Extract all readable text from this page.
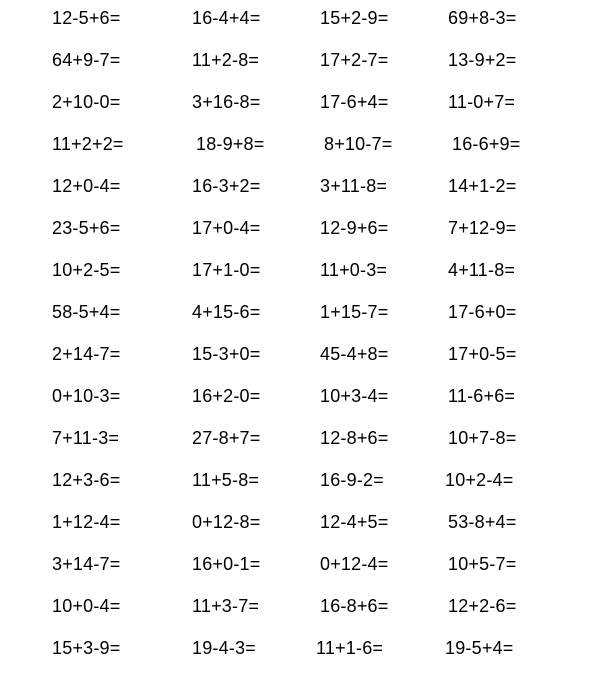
12-5+6=	16-4+4=	15+2-9=	69+8-3=
64+9-7=	11+2-8=	17+2-7=	13-9+2=
2+10-0=	3+16-8=	17-6+4=	11-0+7=
11+2+2=	18-9+8=	8+10-7=	16-6+9=
12+0-4=	16-3+2=	3+11-8=	14+1-2=
23-5+6=	17+0-4=	12-9+6=	7+12-9=
10+2-5=	17+1-0=	11+0-3=	4+11-8=
58-5+4=	4+15-6=	1+15-7=	17-6+0=
2+14-7=	15-3+0=	45-4+8=	17+0-5=
0+10-3=	16+2-0=	10+3-4=	11-6+6=
7+11-3=	27-8+7=	12-8+6=	10+7-8=
12+3-6=	11+5-8=	16-9-2=	10+2-4=
1+12-4=	0+12-8=	12-4+5=	53-8+4=
3+14-7=	16+0-1=	0+12-4=	10+5-7=
10+0-4=	11+3-7=	16-8+6=	12+2-6=
15+3-9=	19-4-3=	11+1-6=	19-5+4=
